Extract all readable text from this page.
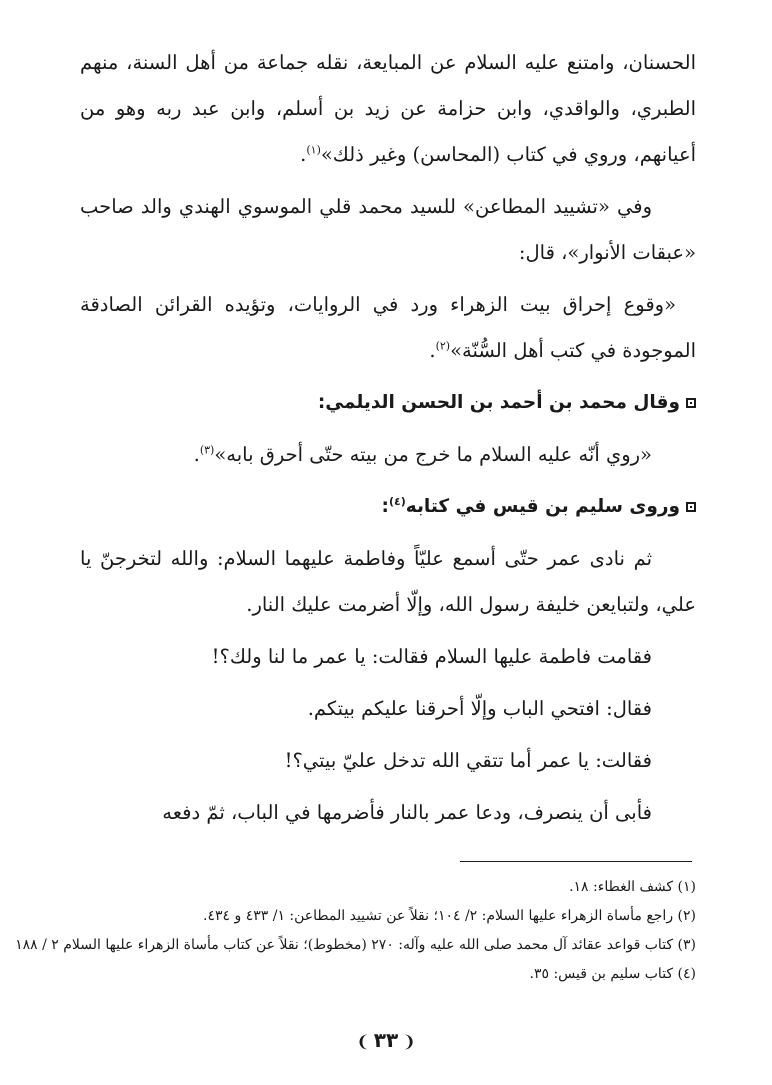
الحسنان، وامتنع عليه السلام عن المبايعة، نقله جماعة من أهل السنة، منهم الطبري، والواقدي، وابن حزامة عن زيد بن أسلم، وابن عبد ربه وهو من أعيانهم، وروي في كتاب (المحاسن) وغير ذلك»$^{(١)}$.

وفي «تشييد المطاعن» للسيد محمد قلي الموسوي الهندي والد صاحب «عبقات الأنوار»، قال:

«وقوع إحراق بيت الزهراء ورد في الروايات، وتؤيده القرائن الصادقة الموجودة في كتب أهل السُّنّة»$^{(٢)}$.

وقال محمد بن أحمد بن الحسن الديلمي:

«روي أنّه عليه السلام ما خرج من بيته حتّى أحرق بابه»$^{(٣)}$.

وروى سليم بن قيس في كتابه$^{(٤)}$:

ثم نادى عمر حتّى أسمع عليّاً وفاطمة عليهما السلام: والله لتخرجنّ يا علي، ولتبايعن خليفة رسول الله، وإلّا أضرمت عليك النار.

فقامت فاطمة عليها السلام فقالت: يا عمر ما لنا ولك؟!

فقال: افتحي الباب وإلّا أحرقنا عليكم بيتكم.

فقالت: يا عمر أما تتقي الله تدخل عليّ بيتي؟!

فأبى أن ينصرف، ودعا عمر بالنار فأضرمها في الباب، ثمّ دفعه

(١) كشف الغطاء: ١٨.
(٢) راجع مأساة الزهراء عليها السلام: ٢/ ١٠٤؛ نقلاً عن تشييد المطاعن: ١/ ٤٣٣ و ٤٣٤.
(٣) كتاب قواعد عقائد آل محمد صلى الله عليه وآله: ٢٧٠ (مخطوط)؛ نقلاً عن كتاب مأساة الزهراء عليها السلام ٢ / ١٨٨
(٤) كتاب سليم بن قيس: ٣٥.
❨ ٣٣ ❩
